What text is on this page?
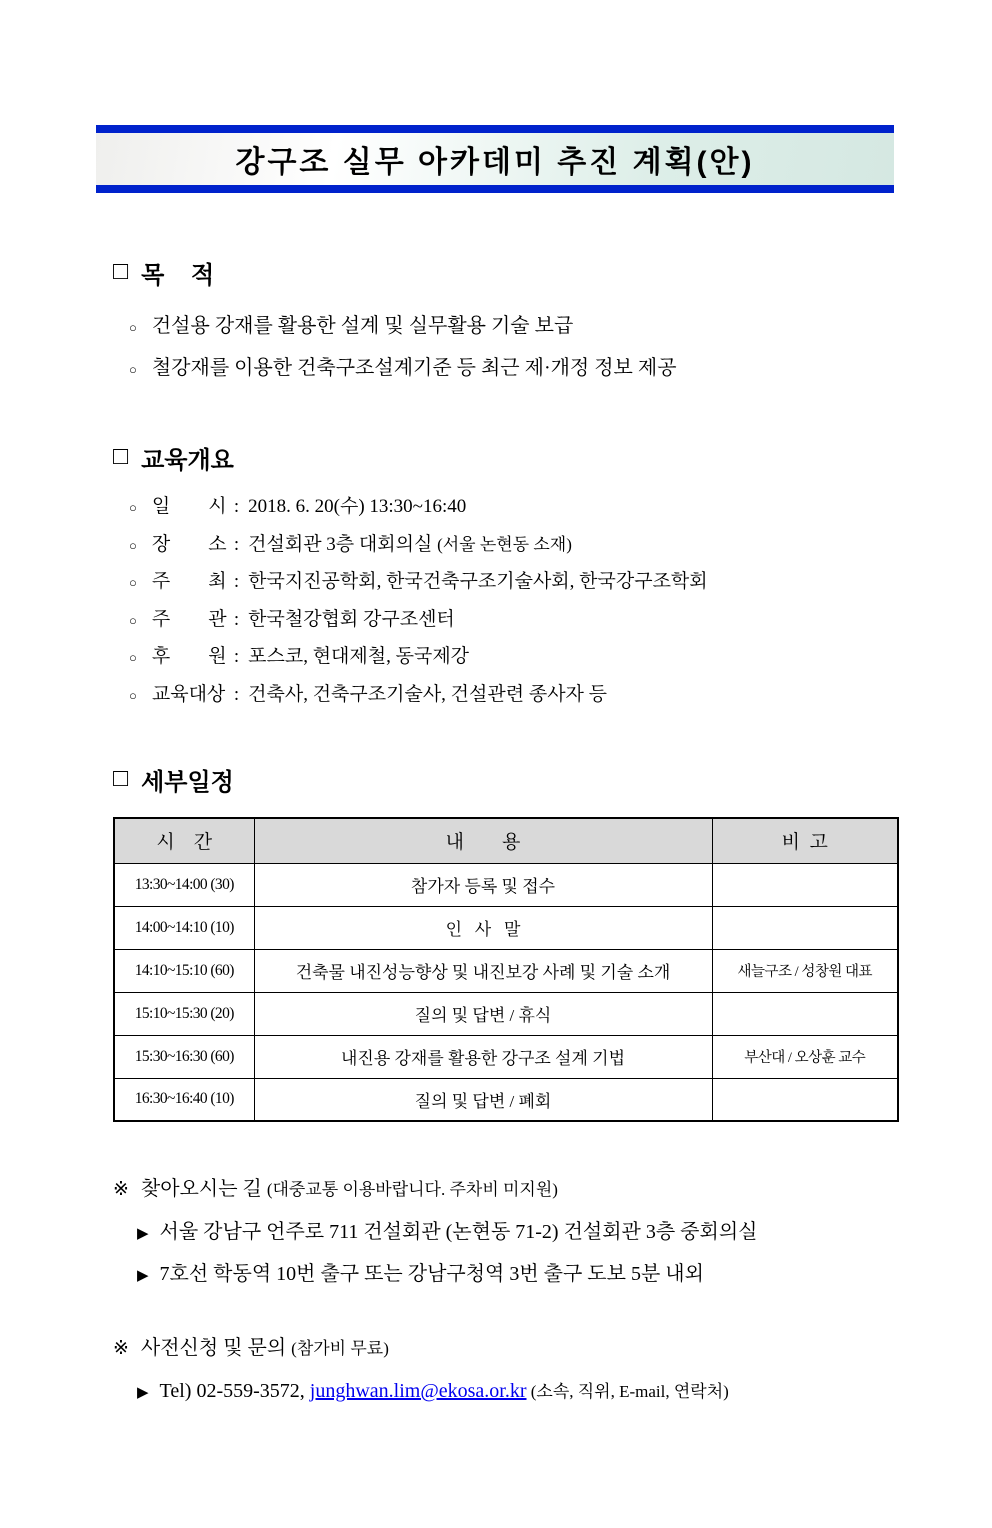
강구조 실무 아카데미 추진 계획(안)
□ 목    적
○ 건설용 강재를 활용한 설계 및 실무활용 기술 보급
○ 철강재를 이용한 건축구조설계기준 등 최근 제·개정 정보 제공
□ 교육개요
○ 일        시 : 2018. 6. 20(수) 13:30~16:40
○ 장        소 : 건설회관 3층 대회의실 (서울 논현동 소재)
○ 주        최 : 한국지진공학회, 한국건축구조기술사회, 한국강구조학회
○ 주        관 : 한국철강협회 강구조센터
○ 후        원 : 포스코, 현대제철, 동국제강
○ 교육대상 : 건축사, 건축구조기술사, 건설관련 종사자 등
□ 세부일정
시    간	내        용	비  고
13:30~14:00 (30)	참가자 등록 및 접수	
14:00~14:10 (10)	인   사   말	
14:10~15:10 (60)	건축물 내진성능향상 및 내진보강 사례 및 기술 소개	새늘구조 / 성창원 대표
15:10~15:30 (20)	질의 및 답변 / 휴식	
15:30~16:30 (60)	내진용 강재를 활용한 강구조 설계 기법	부산대 / 오상훈 교수
16:30~16:40 (10)	질의 및 답변 / 폐회	
※ 찾아오시는 길 (대중교통 이용바랍니다. 주차비 미지원)
▶ 서울 강남구 언주로 711 건설회관 (논현동 71-2) 건설회관 3층 중회의실
▶ 7호선 학동역 10번 출구 또는 강남구청역 3번 출구 도보 5분 내외
※ 사전신청 및 문의 (참가비 무료)
▶ Tel) 02-559-3572, junghwan.lim@ekosa.or.kr (소속, 직위, E-mail, 연락처)
